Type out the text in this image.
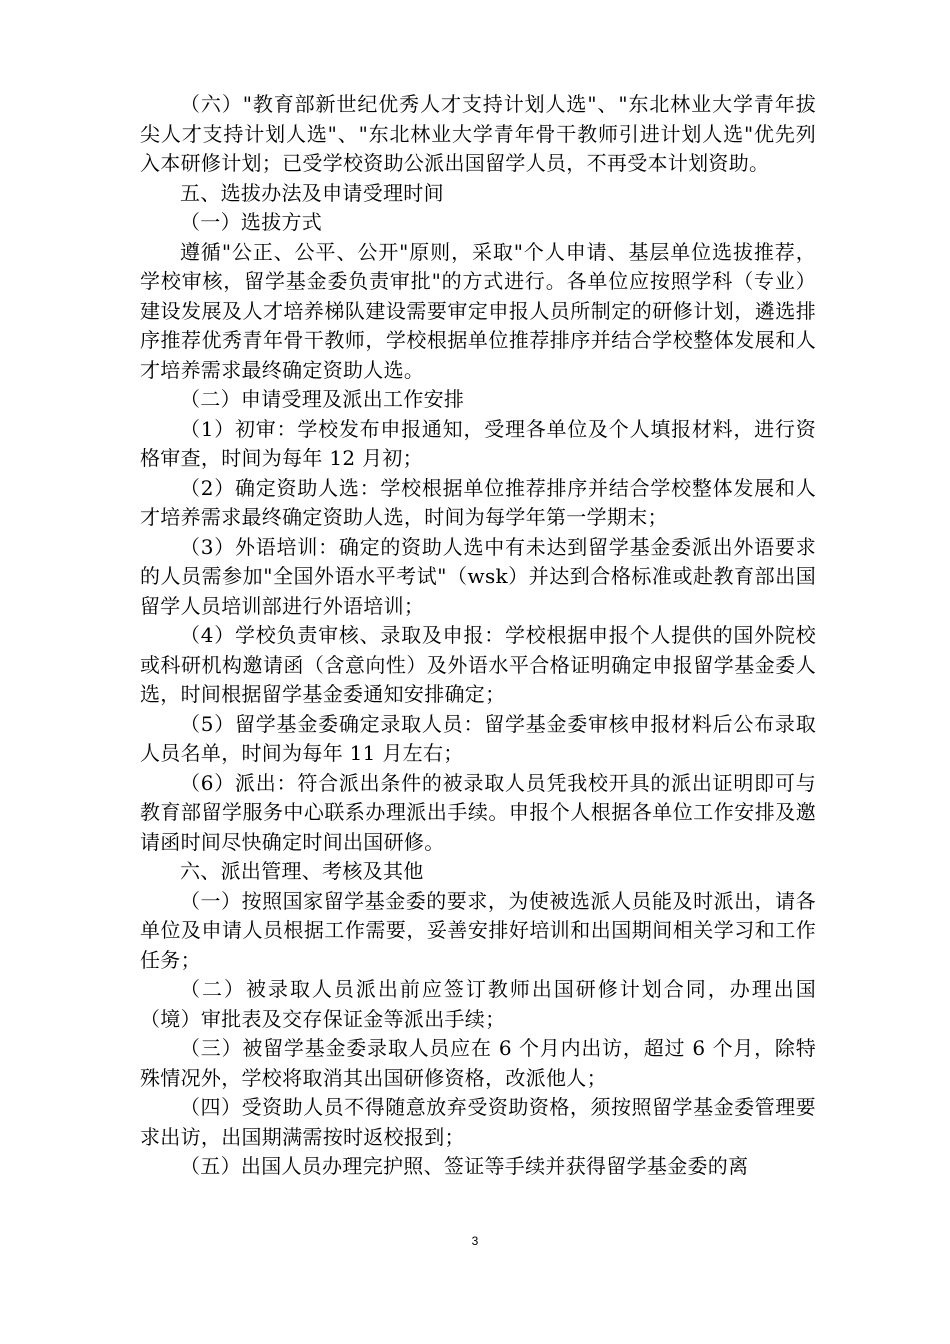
（六）"教育部新世纪优秀人才支持计划人选"、"东北林业大学青年拔尖人才支持计划人选"、"东北林业大学青年骨干教师引进计划人选"优先列入本研修计划；已受学校资助公派出国留学人员，不再受本计划资助。

五、选拔办法及申请受理时间

（一）选拔方式

遵循"公正、公平、公开"原则，采取"个人申请、基层单位选拔推荐，学校审核，留学基金委负责审批"的方式进行。各单位应按照学科（专业）建设发展及人才培养梯队建设需要审定申报人员所制定的研修计划，遴选排序推荐优秀青年骨干教师，学校根据单位推荐排序并结合学校整体发展和人才培养需求最终确定资助人选。

（二）申请受理及派出工作安排

（1）初审：学校发布申报通知，受理各单位及个人填报材料，进行资格审查，时间为每年 12 月初；

（2）确定资助人选：学校根据单位推荐排序并结合学校整体发展和人才培养需求最终确定资助人选，时间为每学年第一学期末；

（3）外语培训：确定的资助人选中有未达到留学基金委派出外语要求的人员需参加"全国外语水平考试"（wsk）并达到合格标准或赴教育部出国留学人员培训部进行外语培训；

（4）学校负责审核、录取及申报：学校根据申报个人提供的国外院校或科研机构邀请函（含意向性）及外语水平合格证明确定申报留学基金委人选，时间根据留学基金委通知安排确定；

（5）留学基金委确定录取人员：留学基金委审核申报材料后公布录取人员名单，时间为每年 11 月左右；

（6）派出：符合派出条件的被录取人员凭我校开具的派出证明即可与教育部留学服务中心联系办理派出手续。申报个人根据各单位工作安排及邀请函时间尽快确定时间出国研修。

六、派出管理、考核及其他

（一）按照国家留学基金委的要求，为使被选派人员能及时派出，请各单位及申请人员根据工作需要，妥善安排好培训和出国期间相关学习和工作任务；

（二）被录取人员派出前应签订教师出国研修计划合同，办理出国（境）审批表及交存保证金等派出手续；

（三）被留学基金委录取人员应在 6 个月内出访，超过 6 个月，除特殊情况外，学校将取消其出国研修资格，改派他人；

（四）受资助人员不得随意放弃受资助资格，须按照留学基金委管理要求出访，出国期满需按时返校报到；

（五）出国人员办理完护照、签证等手续并获得留学基金委的离

3
